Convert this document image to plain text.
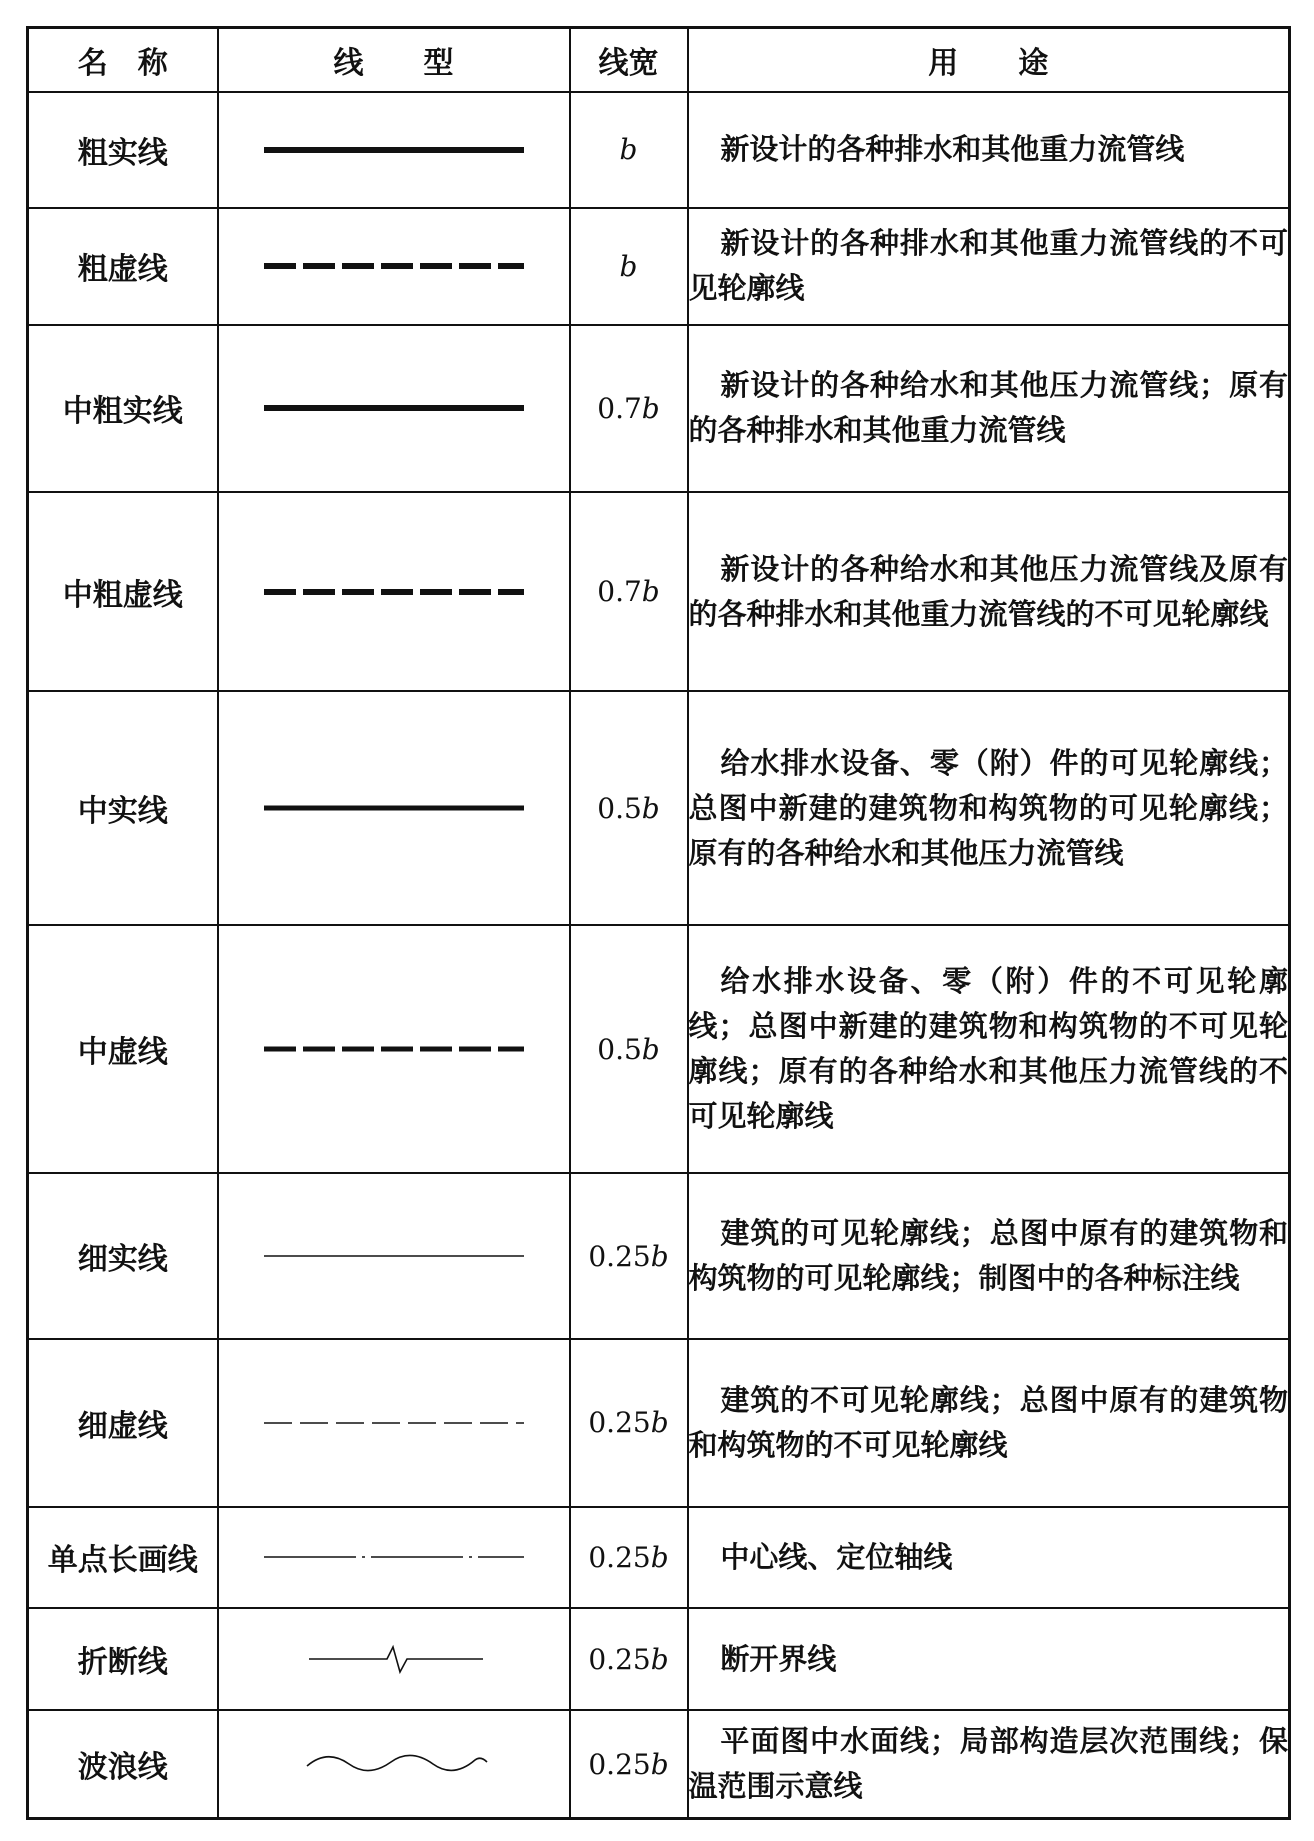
名　称	线　　型	线宽	用　　途
粗实线		b	新设计的各种排水和其他重力流管线
粗虚线		b	新设计的各种排水和其他重力流管线的不可见轮廓线
中粗实线		0.7b	新设计的各种给水和其他压力流管线；原有的各种排水和其他重力流管线
中粗虚线		0.7b	新设计的各种给水和其他压力流管线及原有的各种排水和其他重力流管线的不可见轮廓线
中实线		0.5b	给水排水设备、零（附）件的可见轮廓线；总图中新建的建筑物和构筑物的可见轮廓线；原有的各种给水和其他压力流管线
中虚线		0.5b	给水排水设备、零（附）件的不可见轮廓线；总图中新建的建筑物和构筑物的不可见轮廓线；原有的各种给水和其他压力流管线的不可见轮廓线
细实线		0.25b	建筑的可见轮廓线；总图中原有的建筑物和构筑物的可见轮廓线；制图中的各种标注线
细虚线		0.25b	建筑的不可见轮廓线；总图中原有的建筑物和构筑物的不可见轮廓线
单点长画线		0.25b	中心线、定位轴线
折断线		0.25b	断开界线
波浪线		0.25b	平面图中水面线；局部构造层次范围线；保温范围示意线
